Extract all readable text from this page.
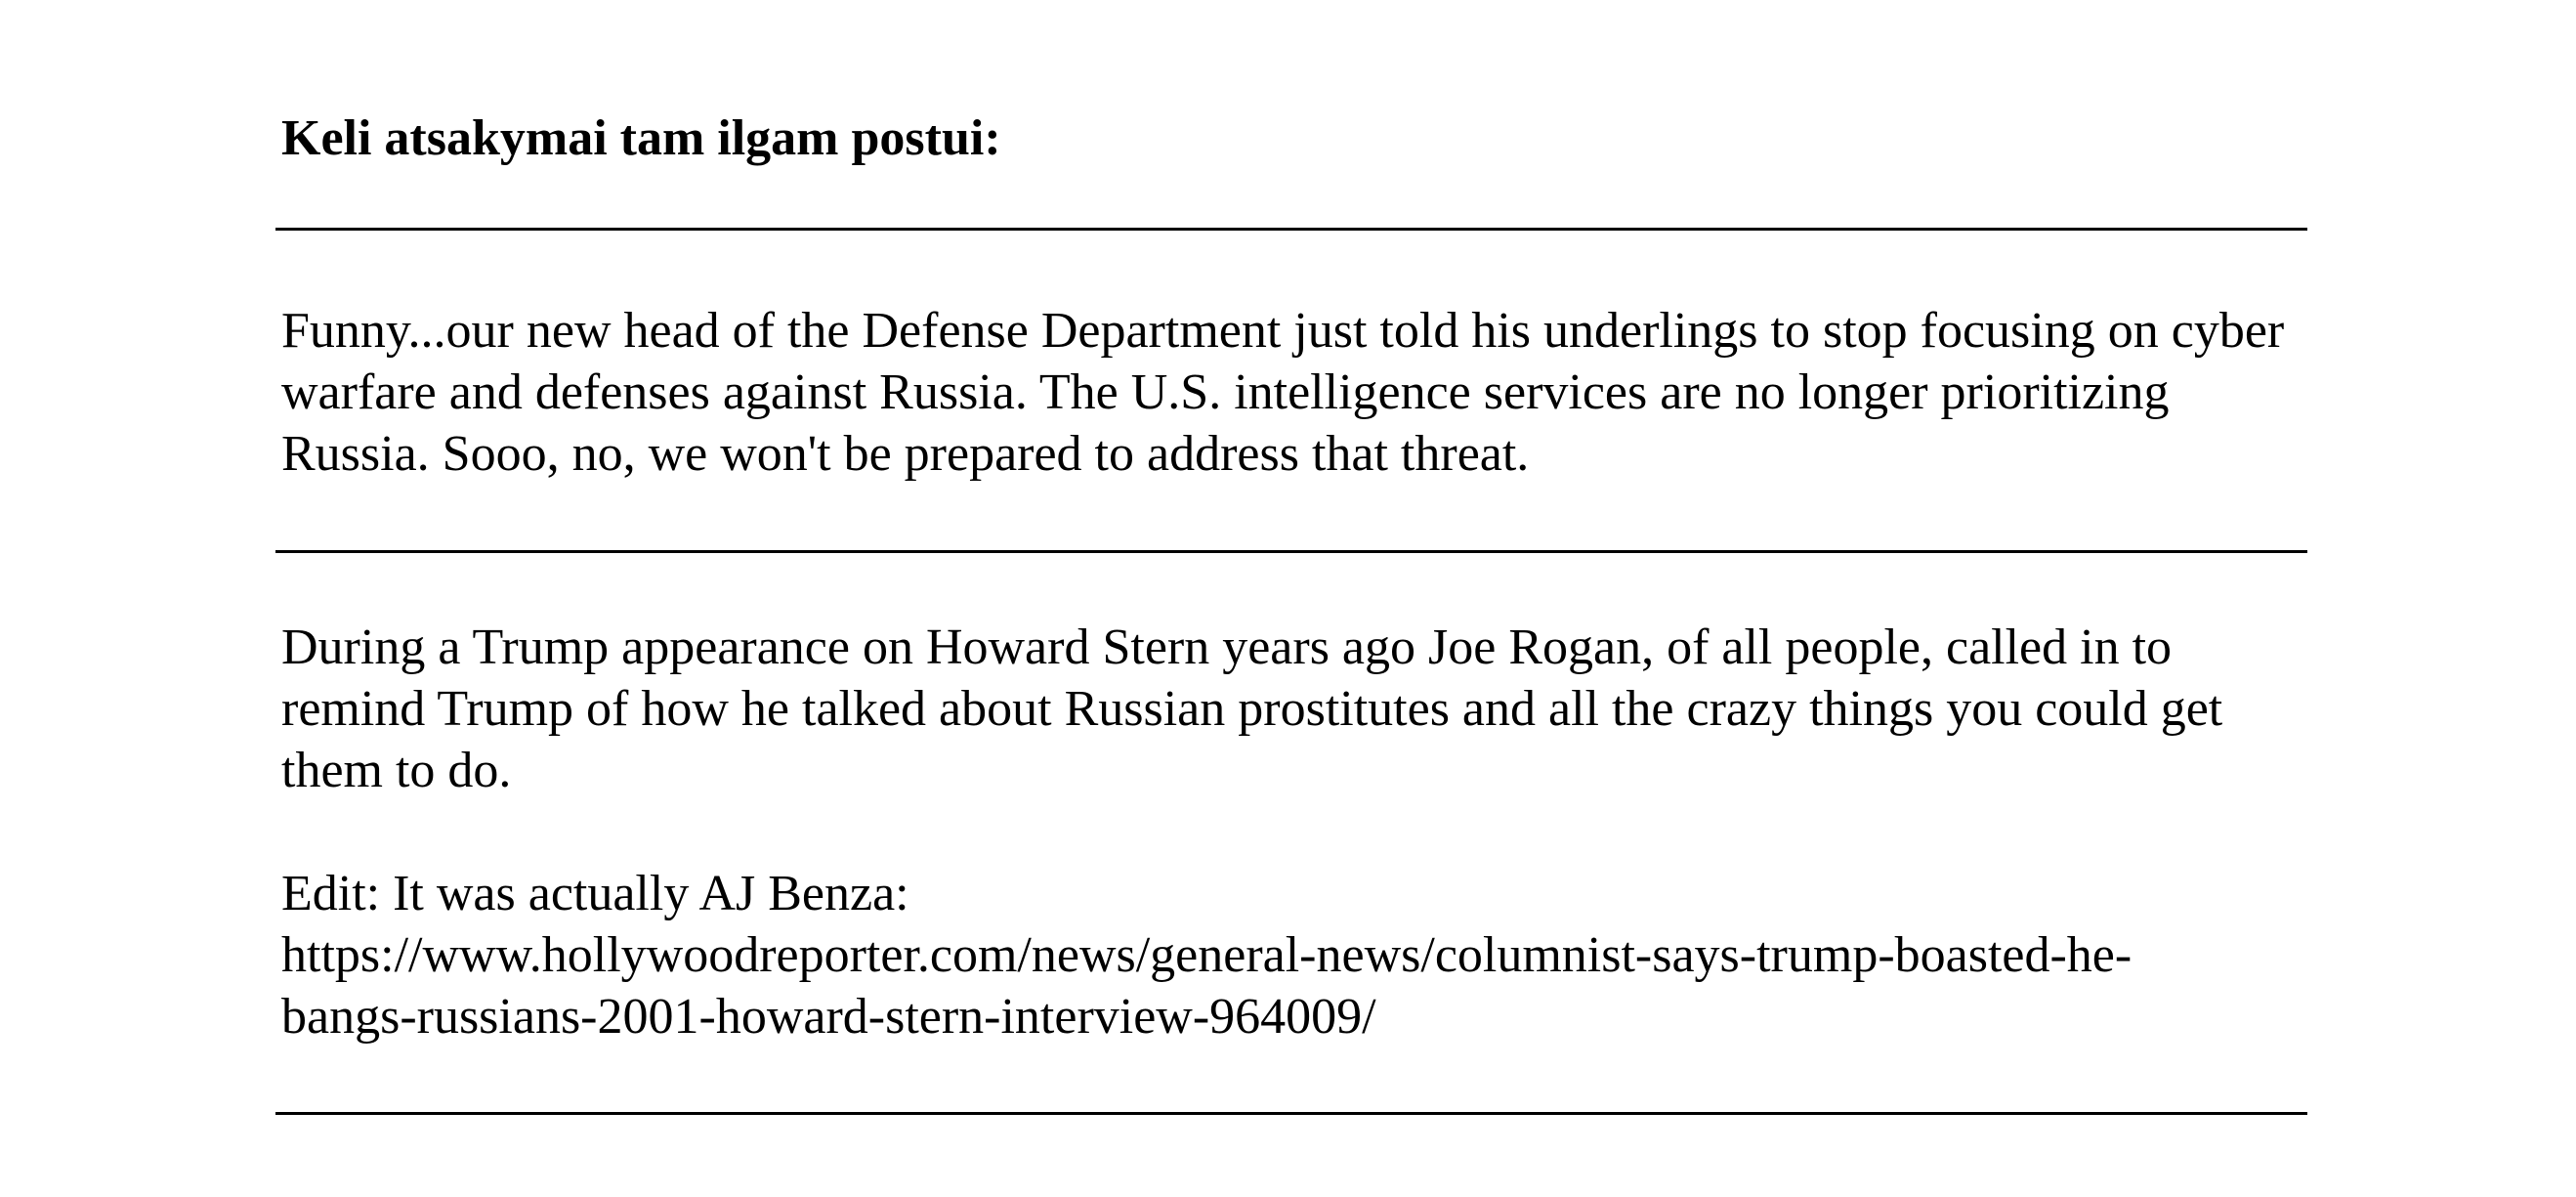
Keli atsakymai tam ilgam postui:

Funny...our new head of the Defense Department just told his underlings to stop focusing on cyber warfare and defenses against Russia. The U.S. intelligence services are no longer prioritizing Russia. Sooo, no, we won't be prepared to address that threat.

During a Trump appearance on Howard Stern years ago Joe Rogan, of all people, called in to remind Trump of how he talked about Russian prostitutes and all the crazy things you could get them to do.

Edit: It was actually AJ Benza:
https://www.hollywoodreporter.com/news/general-news/columnist-says-trump-boasted-he-
bangs-russians-2001-howard-stern-interview-964009/
